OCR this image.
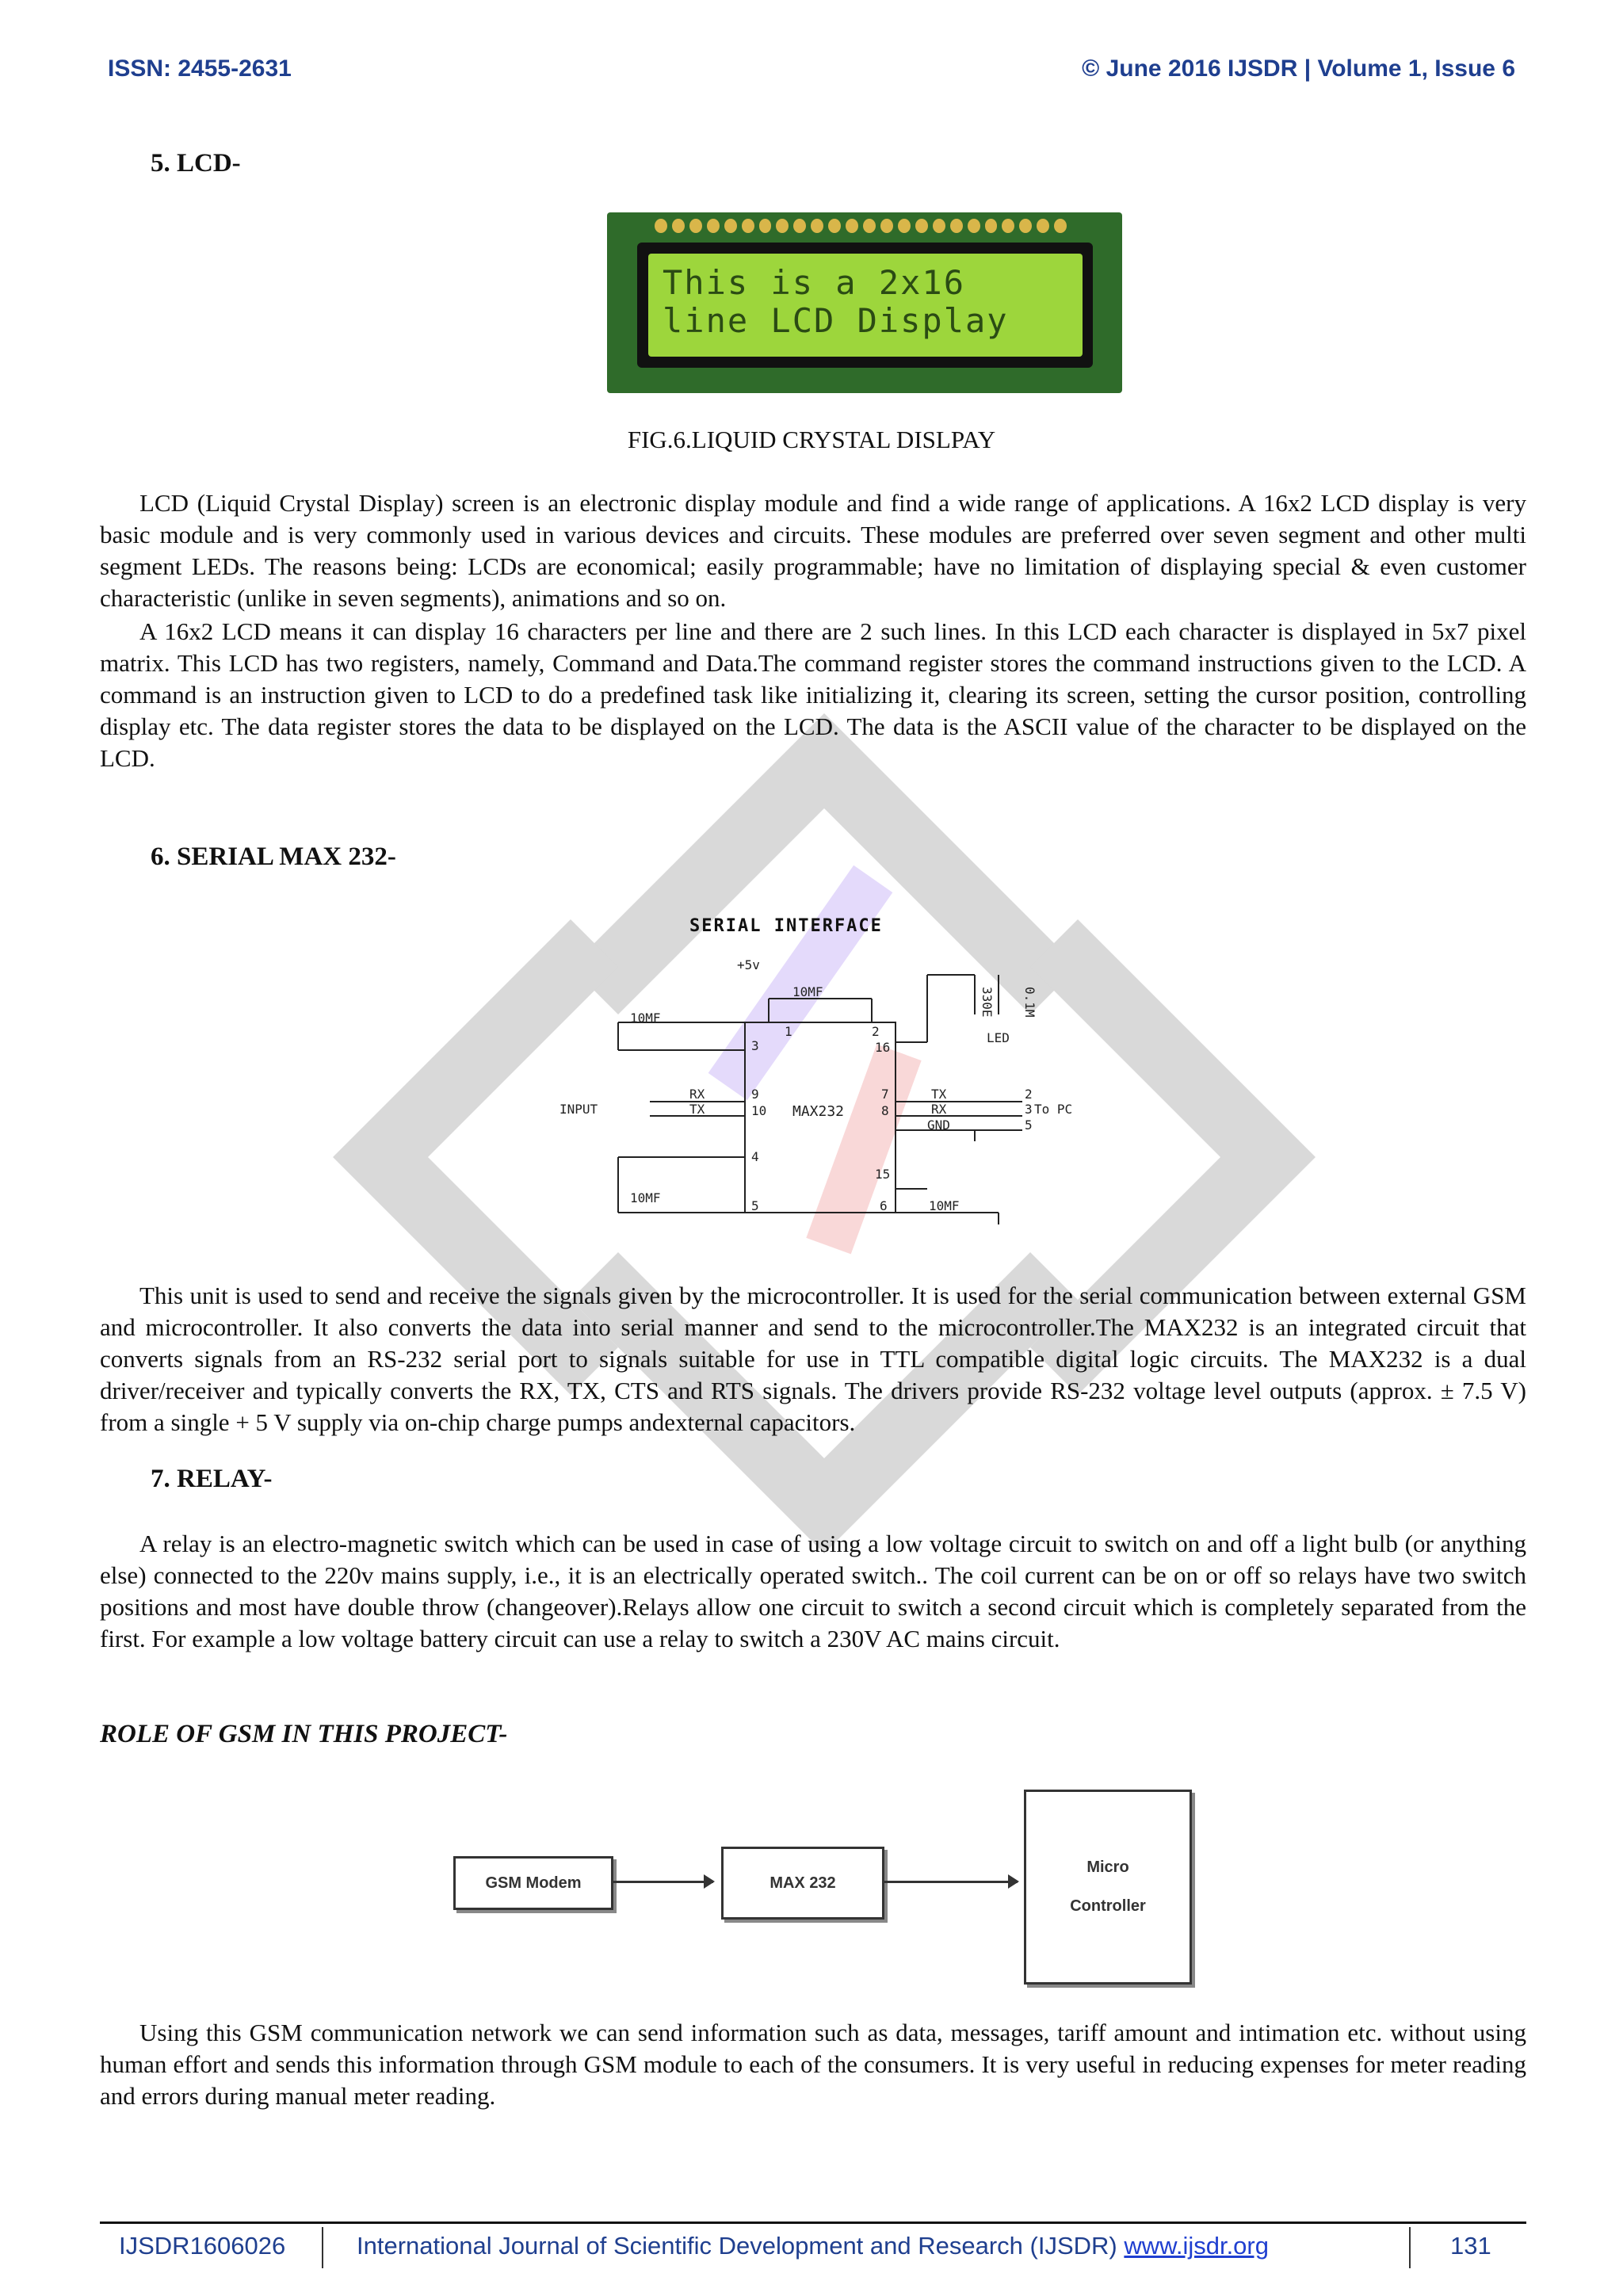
ISSN: 2455-2631	© June 2016 IJSDR | Volume 1, Issue 6
5. LCD-
This is a 2x16
line LCD Display
FIG.6.LIQUID CRYSTAL DISLPAY

LCD (Liquid Crystal Display) screen is an electronic display module and find a wide range of applications. A 16x2 LCD display is very basic module and is very commonly used in various devices and circuits. These modules are preferred over seven segment and other multi segment LEDs. The reasons being: LCDs are economical; easily programmable; have no limitation of displaying special & even customer characteristic (unlike in seven segments), animations and so on.

A 16x2 LCD means it can display 16 characters per line and there are 2 such lines. In this LCD each character is displayed in 5x7 pixel matrix. This LCD has two registers, namely, Command and Data.The command register stores the command instructions given to the LCD. A command is an instruction given to LCD to do a predefined task like initializing it, clearing its screen, setting the cursor position, controlling display etc. The data register stores the data to be displayed on the LCD. The data is the ASCII value of the character to be displayed on the LCD.

6. SERIAL MAX 232-
SERIAL INTERFACE
+5v
MAX232
INPUT
RX
TX
TX
RX
GND
To PC
10MF
10MF
10MF
10MF
LED
330E 0.1M
1	2
3
4
5	6
7
8
9
10
15
16
2
3
5

This unit is used to send and receive the signals given by the microcontroller. It is used for the serial communication between external GSM and microcontroller. It also converts the data into serial manner and send to the microcontroller.The MAX232 is an integrated circuit that converts signals from an RS-232 serial port to signals suitable for use in TTL compatible digital logic circuits. The MAX232 is a dual driver/receiver and typically converts the RX, TX, CTS and RTS signals. The drivers provide RS-232 voltage level outputs (approx. ± 7.5 V) from a single + 5 V supply via on-chip charge pumps andexternal capacitors.

7. RELAY-

A relay is an electro-magnetic switch which can be used in case of using a low voltage circuit to switch on and off a light bulb (or anything else) connected to the 220v mains supply, i.e., it is an electrically operated switch.. The coil current can be on or off so relays have two switch positions and most have double throw (changeover).Relays allow one circuit to switch a second circuit which is completely separated from the first. For example a low voltage battery circuit can use a relay to switch a 230V AC mains circuit.

ROLE OF GSM IN THIS PROJECT-
GSM Modem	MAX 232
Micro
Controller

Using this GSM communication network we can send information such as data, messages, tariff amount and intimation etc. without using human effort and sends this information through GSM module to each of the consumers. It is very useful in reducing expenses for meter reading and errors during manual meter reading.

IJSDR1606026	International Journal of Scientific Development and Research (IJSDR) www.ijsdr.org	131
